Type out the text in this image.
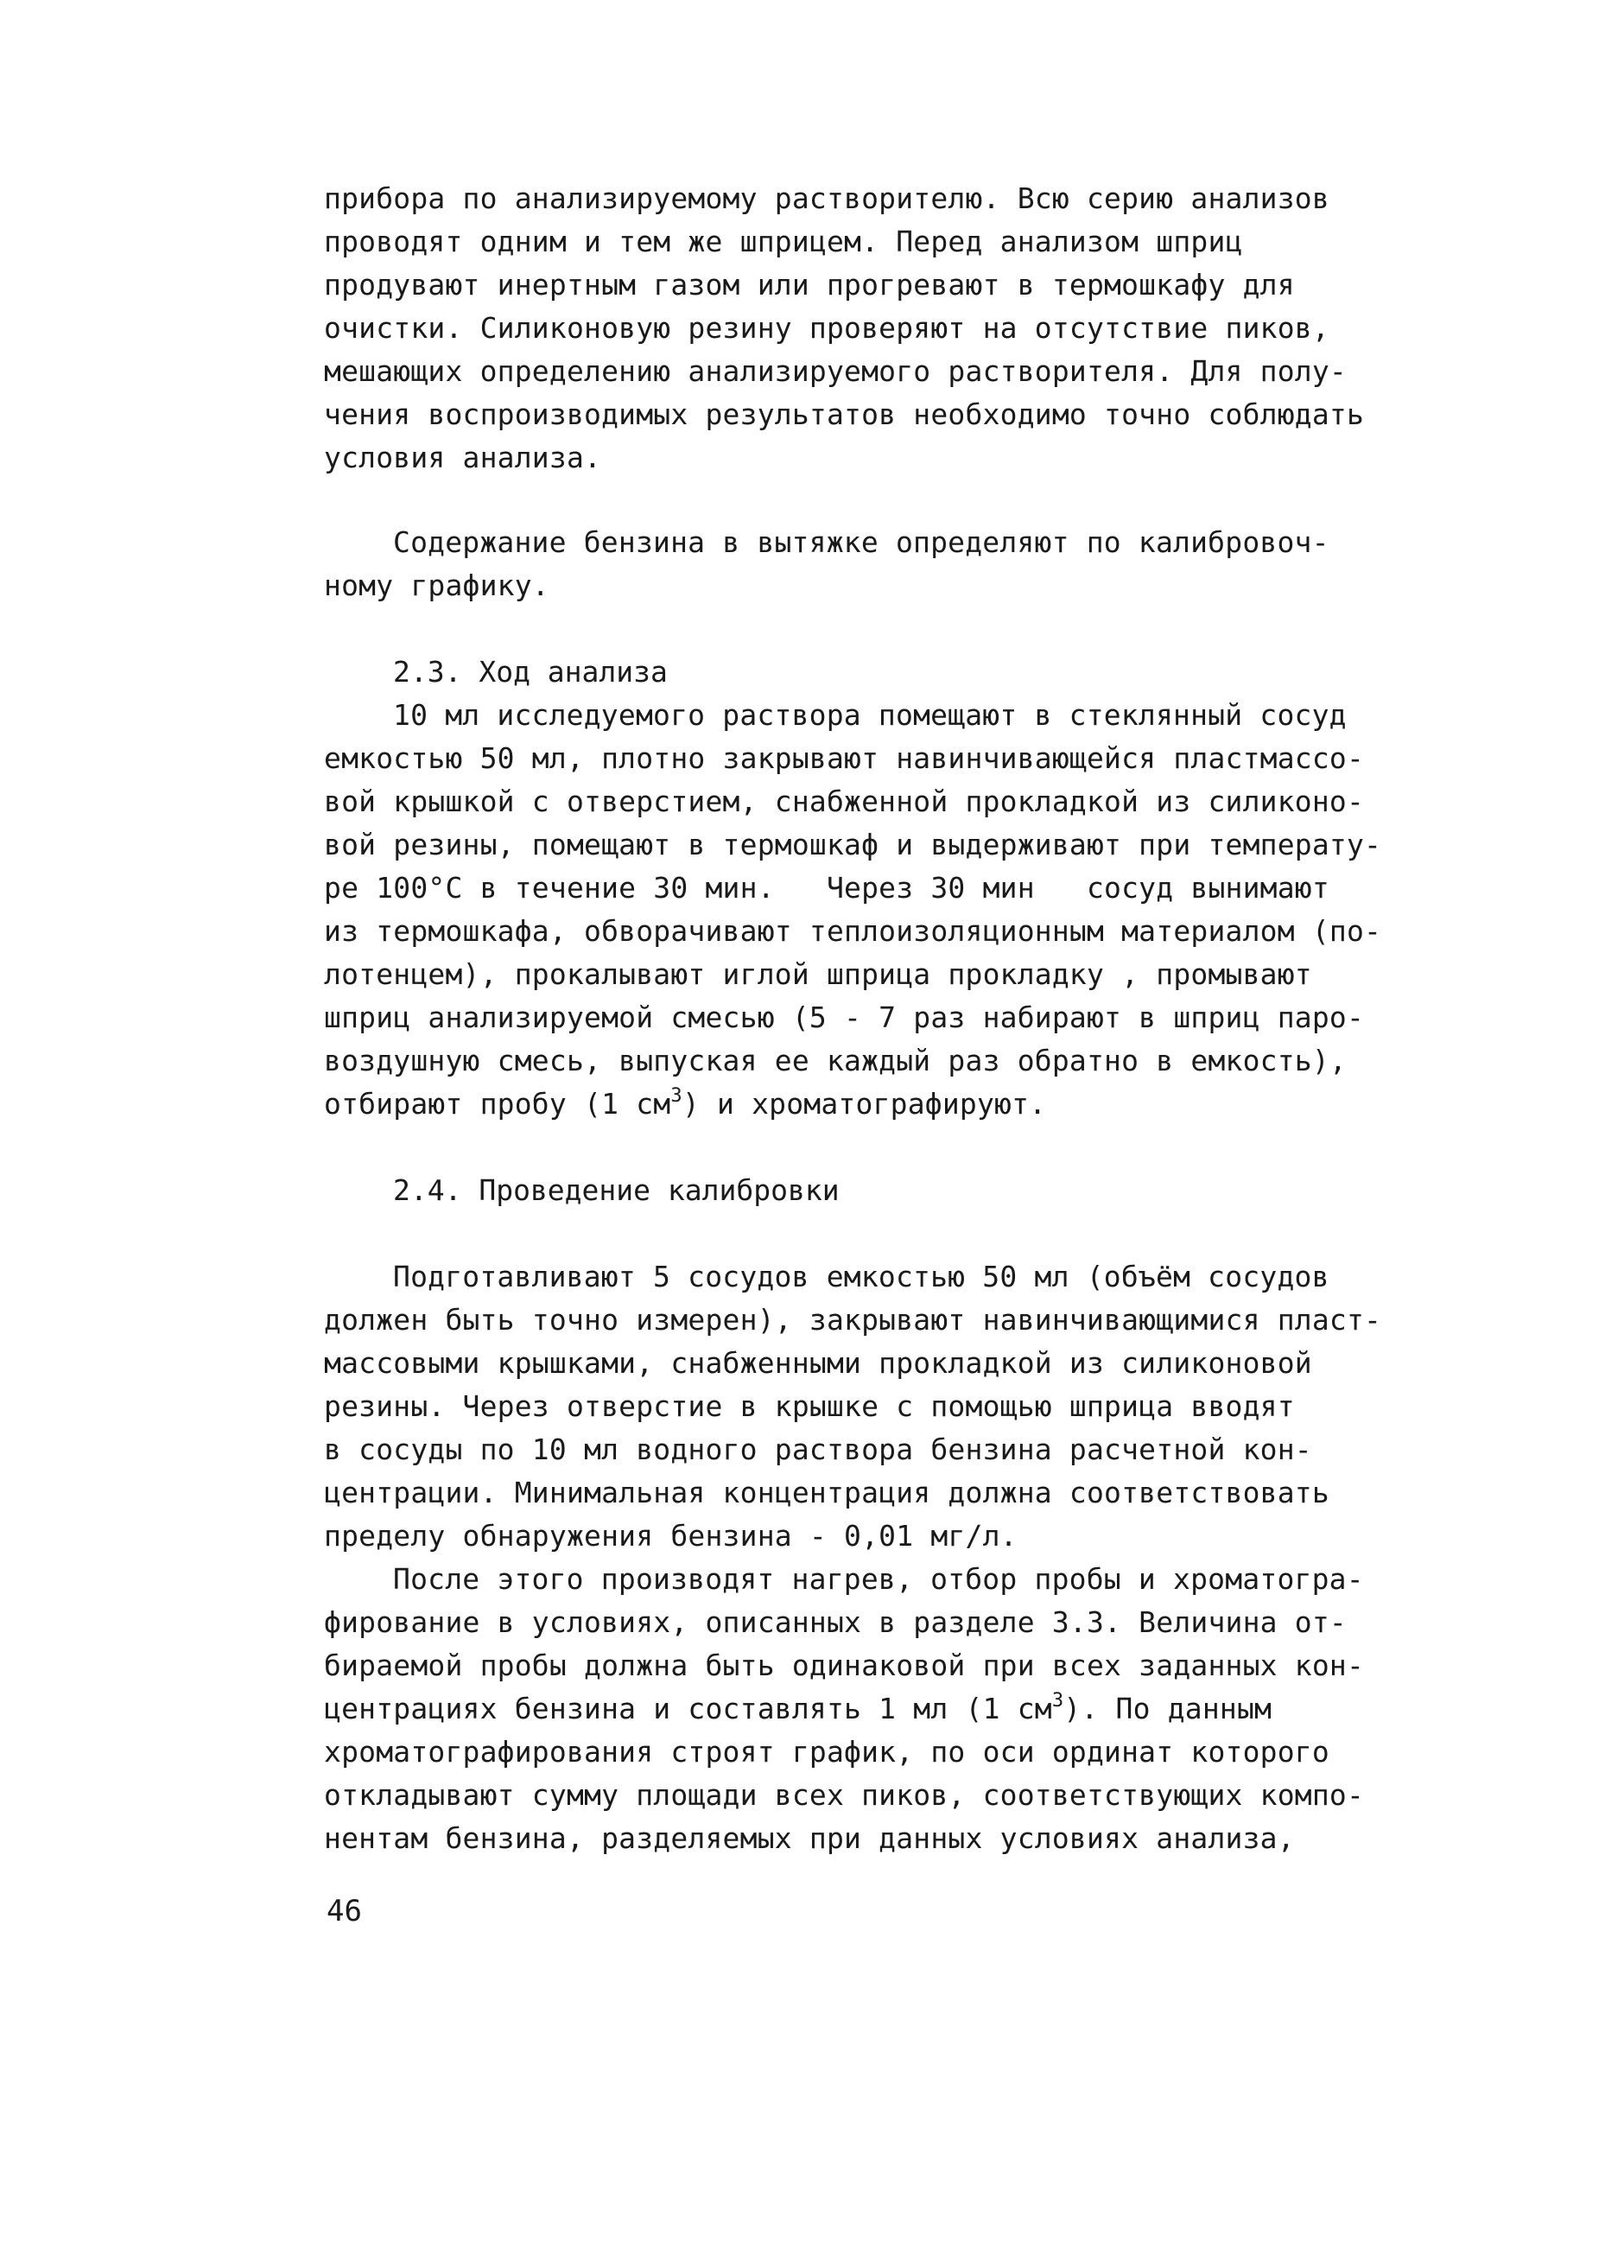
прибора по анализируемому растворителю. Всю серию анализов
проводят одним и тем же шприцем. Перед анализом шприц
продувают инертным газом или прогревают в термошкафу для
очистки. Силиконовую резину проверяют на отсутствие пиков,
мешающих определению анализируемого растворителя. Для полу-
чения воспроизводимых результатов необходимо точно соблюдать
условия анализа.
Содержание бензина в вытяжке определяют по калибровоч-
ному графику.
2.3. Ход анализа
10 мл исследуемого раствора помещают в стеклянный сосуд
емкостью 50 мл, плотно закрывают навинчивающейся пластмассо-
вой крышкой с отверстием, снабженной прокладкой из силиконо-
вой резины, помещают в термошкаф и выдерживают при температу-
ре 100°С в течение 30 мин.   Через 30 мин   сосуд вынимают
из термошкафа, обворачивают теплоизоляционным материалом (по-
лотенцем), прокалывают иглой шприца прокладку , промывают
шприц анализируемой смесью (5 - 7 раз набирают в шприц паро-
воздушную смесь, выпуская ее каждый раз обратно в емкость),
отбирают пробу (1 $см^3$) и хроматографируют.
2.4. Проведение калибровки
Подготавливают 5 сосудов емкостью 50 мл (объём сосудов
должен быть точно измерен), закрывают навинчивающимися пласт-
массовыми крышками, снабженными прокладкой из силиконовой
резины. Через отверстие в крышке с помощью шприца вводят
в сосуды по 10 мл водного раствора бензина расчетной кон-
центрации. Минимальная концентрация должна соответствовать
пределу обнаружения бензина - 0,01 мг/л.
После этого производят нагрев, отбор пробы и хроматогра-
фирование в условиях, описанных в разделе 3.3. Величина от-
бираемой пробы должна быть одинаковой при всех заданных кон-
центрациях бензина и составлять 1 мл (1 $см^3$). По данным
хроматографирования строят график, по оси ординат которого
откладывают сумму площади всех пиков, соответствующих компо-
нентам бензина, разделяемых при данных условиях анализа,
46
